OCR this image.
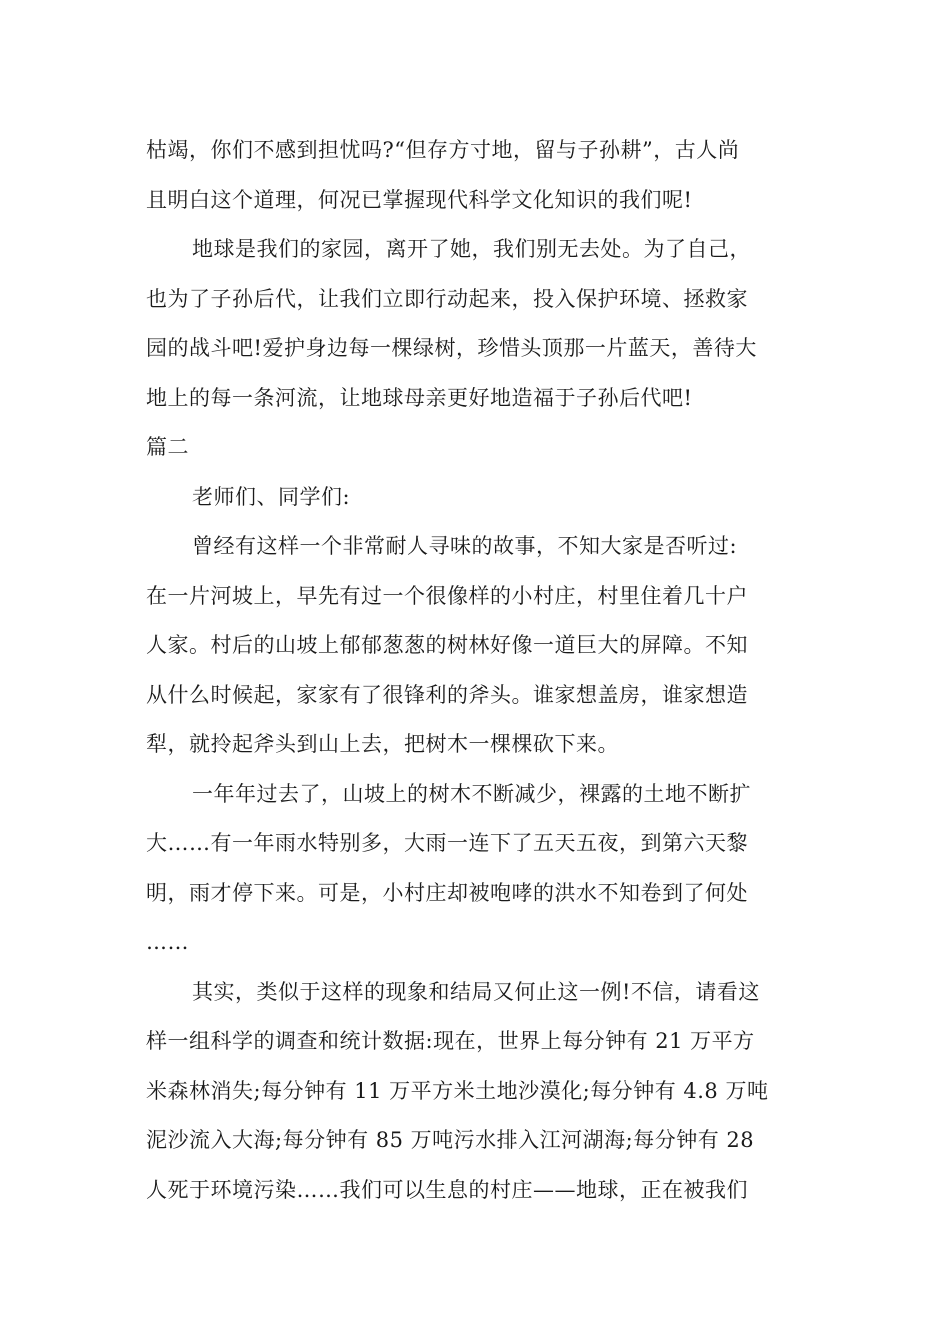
枯竭，你们不感到担忧吗?“但存方寸地，留与子孙耕”，古人尚
且明白这个道理，何况已掌握现代科学文化知识的我们呢!
地球是我们的家园，离开了她，我们别无去处。为了自己，
也为了子孙后代，让我们立即行动起来，投入保护环境、拯救家
园的战斗吧!爱护身边每一棵绿树，珍惜头顶那一片蓝天，善待大
地上的每一条河流，让地球母亲更好地造福于子孙后代吧!
篇二
老师们、同学们:
曾经有这样一个非常耐人寻味的故事，不知大家是否听过:
在一片河坡上，早先有过一个很像样的小村庄，村里住着几十户
人家。村后的山坡上郁郁葱葱的树林好像一道巨大的屏障。不知
从什么时候起，家家有了很锋利的斧头。谁家想盖房，谁家想造
犁，就拎起斧头到山上去，把树木一棵棵砍下来。
一年年过去了，山坡上的树木不断减少，裸露的土地不断扩
大……有一年雨水特别多，大雨一连下了五天五夜，到第六天黎
明，雨才停下来。可是，小村庄却被咆哮的洪水不知卷到了何处
……
其实，类似于这样的现象和结局又何止这一例!不信，请看这
样一组科学的调查和统计数据:现在，世界上每分钟有 21 万平方
米森林消失;每分钟有 11 万平方米土地沙漠化;每分钟有 4.8 万吨
泥沙流入大海;每分钟有 85 万吨污水排入江河湖海;每分钟有 28
人死于环境污染……我们可以生息的村庄——地球，正在被我们
